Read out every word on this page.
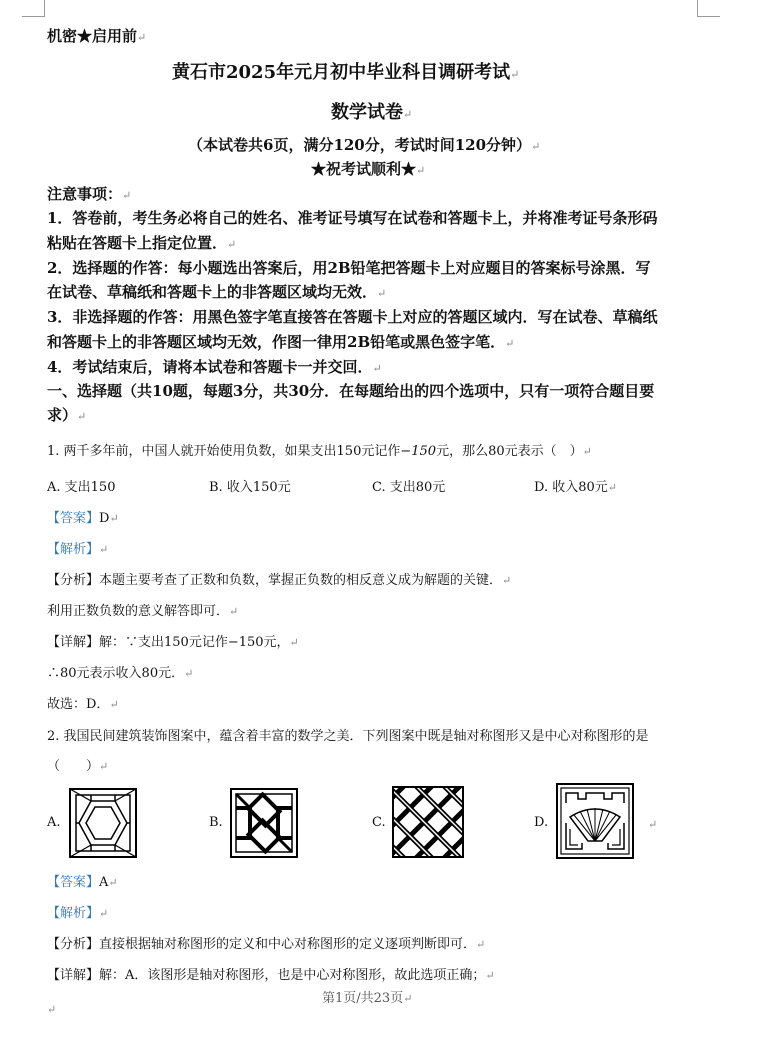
机密★启用前↵
黄石市2025年元月初中毕业科目调研考试↵
数学试卷↵
（本试卷共6页，满分120分，考试时间120分钟）↵
★祝考试顺利★↵
注意事项：↵
1．答卷前，考生务必将自己的姓名、准考证号填写在试卷和答题卡上，并将准考证号条形码
粘贴在答题卡上指定位置．↵
2．选择题的作答：每小题选出答案后，用2B铅笔把答题卡上对应题目的答案标号涂黑．写
在试卷、草稿纸和答题卡上的非答题区域均无效．↵
3．非选择题的作答：用黑色签字笔直接答在答题卡上对应的答题区域内．写在试卷、草稿纸
和答题卡上的非答题区域均无效，作图一律用2B铅笔或黑色签字笔．↵
4．考试结束后，请将本试卷和答题卡一并交回．↵
一、选择题（共10题，每题3分，共30分．在每题给出的四个选项中，只有一项符合题目要
求）↵
1. 两千多年前，中国人就开始使用负数，如果支出150元记作−150元，那么80元表示（　）↵
A. 支出150	B. 收入150元	C. 支出80元	D. 收入80元↵
【答案】D↵
【解析】↵
【分析】本题主要考查了正数和负数，掌握正负数的相反意义成为解题的关键．↵
利用正数负数的意义解答即可．↵
【详解】解：∵支出150元记作−150元，↵
∴80元表示收入80元．↵
故选：D．↵
2. 我国民间建筑装饰图案中，蕴含着丰富的数学之美．下列图案中既是轴对称图形又是中心对称图形的是
（　　）↵
A.	B.	C.	D.	↵
【答案】A↵
【解析】↵
【分析】直接根据轴对称图形的定义和中心对称图形的定义逐项判断即可．↵
【详解】解：A．该图形是轴对称图形，也是中心对称图形，故此选项正确；↵
第1页/共23页↵
↵
